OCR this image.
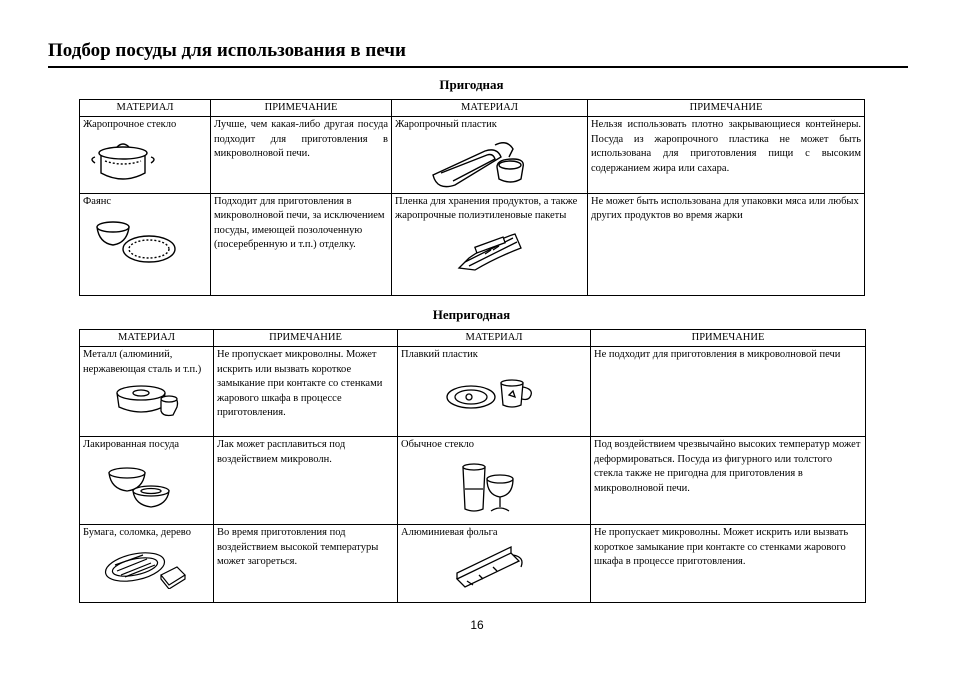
Подбор посуды для использования в печи
Пригодная
МАТЕРИАЛ	ПРИМЕЧАНИЕ	МАТЕРИАЛ	ПРИМЕЧАНИЕ
Жаропрочное стекло	Лучше, чем какая-либо другая посуда подходит для приготовления в микроволновой печи.	Жаропрочный пластик	Нельзя использовать плотно закрывающиеся контейнеры. Посуда из жаропрочного пластика не может быть использована для приготовления пищи с высоким содержанием жира или сахара.
Фаянс	Подходит для приготовления в микроволновой печи, за исключением посуды, имеющей позолоченную (посеребренную и т.п.) отделку.	Пленка для хранения продуктов, а также жаропрочные полиэтиленовые пакеты	Не может быть использована для упаковки мяса или любых других продуктов во время жарки
Непригодная
МАТЕРИАЛ	ПРИМЕЧАНИЕ	МАТЕРИАЛ	ПРИМЕЧАНИЕ
Металл (алюминий, нержавеющая сталь и т.п.)	Не пропускает микроволны. Может искрить или вызвать короткое замыкание при контакте со стенками жарового шкафа в процессе приготовления.	Плавкий пластик	Не подходит для приготовления в микроволновой печи
Лакированная посуда	Лак может расплавиться под воздействием микроволн.	Обычное стекло	Под воздействием чрезвычайно высоких температур может деформироваться. Посуда из фигурного или толстого стекла также не пригодна для приготовления в микроволновой печи.
Бумага, соломка, дерево	Во время приготовления под воздействием высокой температуры может загореться.	Алюминиевая фольга	Не пропускает микроволны. Может искрить или вызвать короткое замыкание при контакте со стенками жарового шкафа в процессе приготовления.
16
